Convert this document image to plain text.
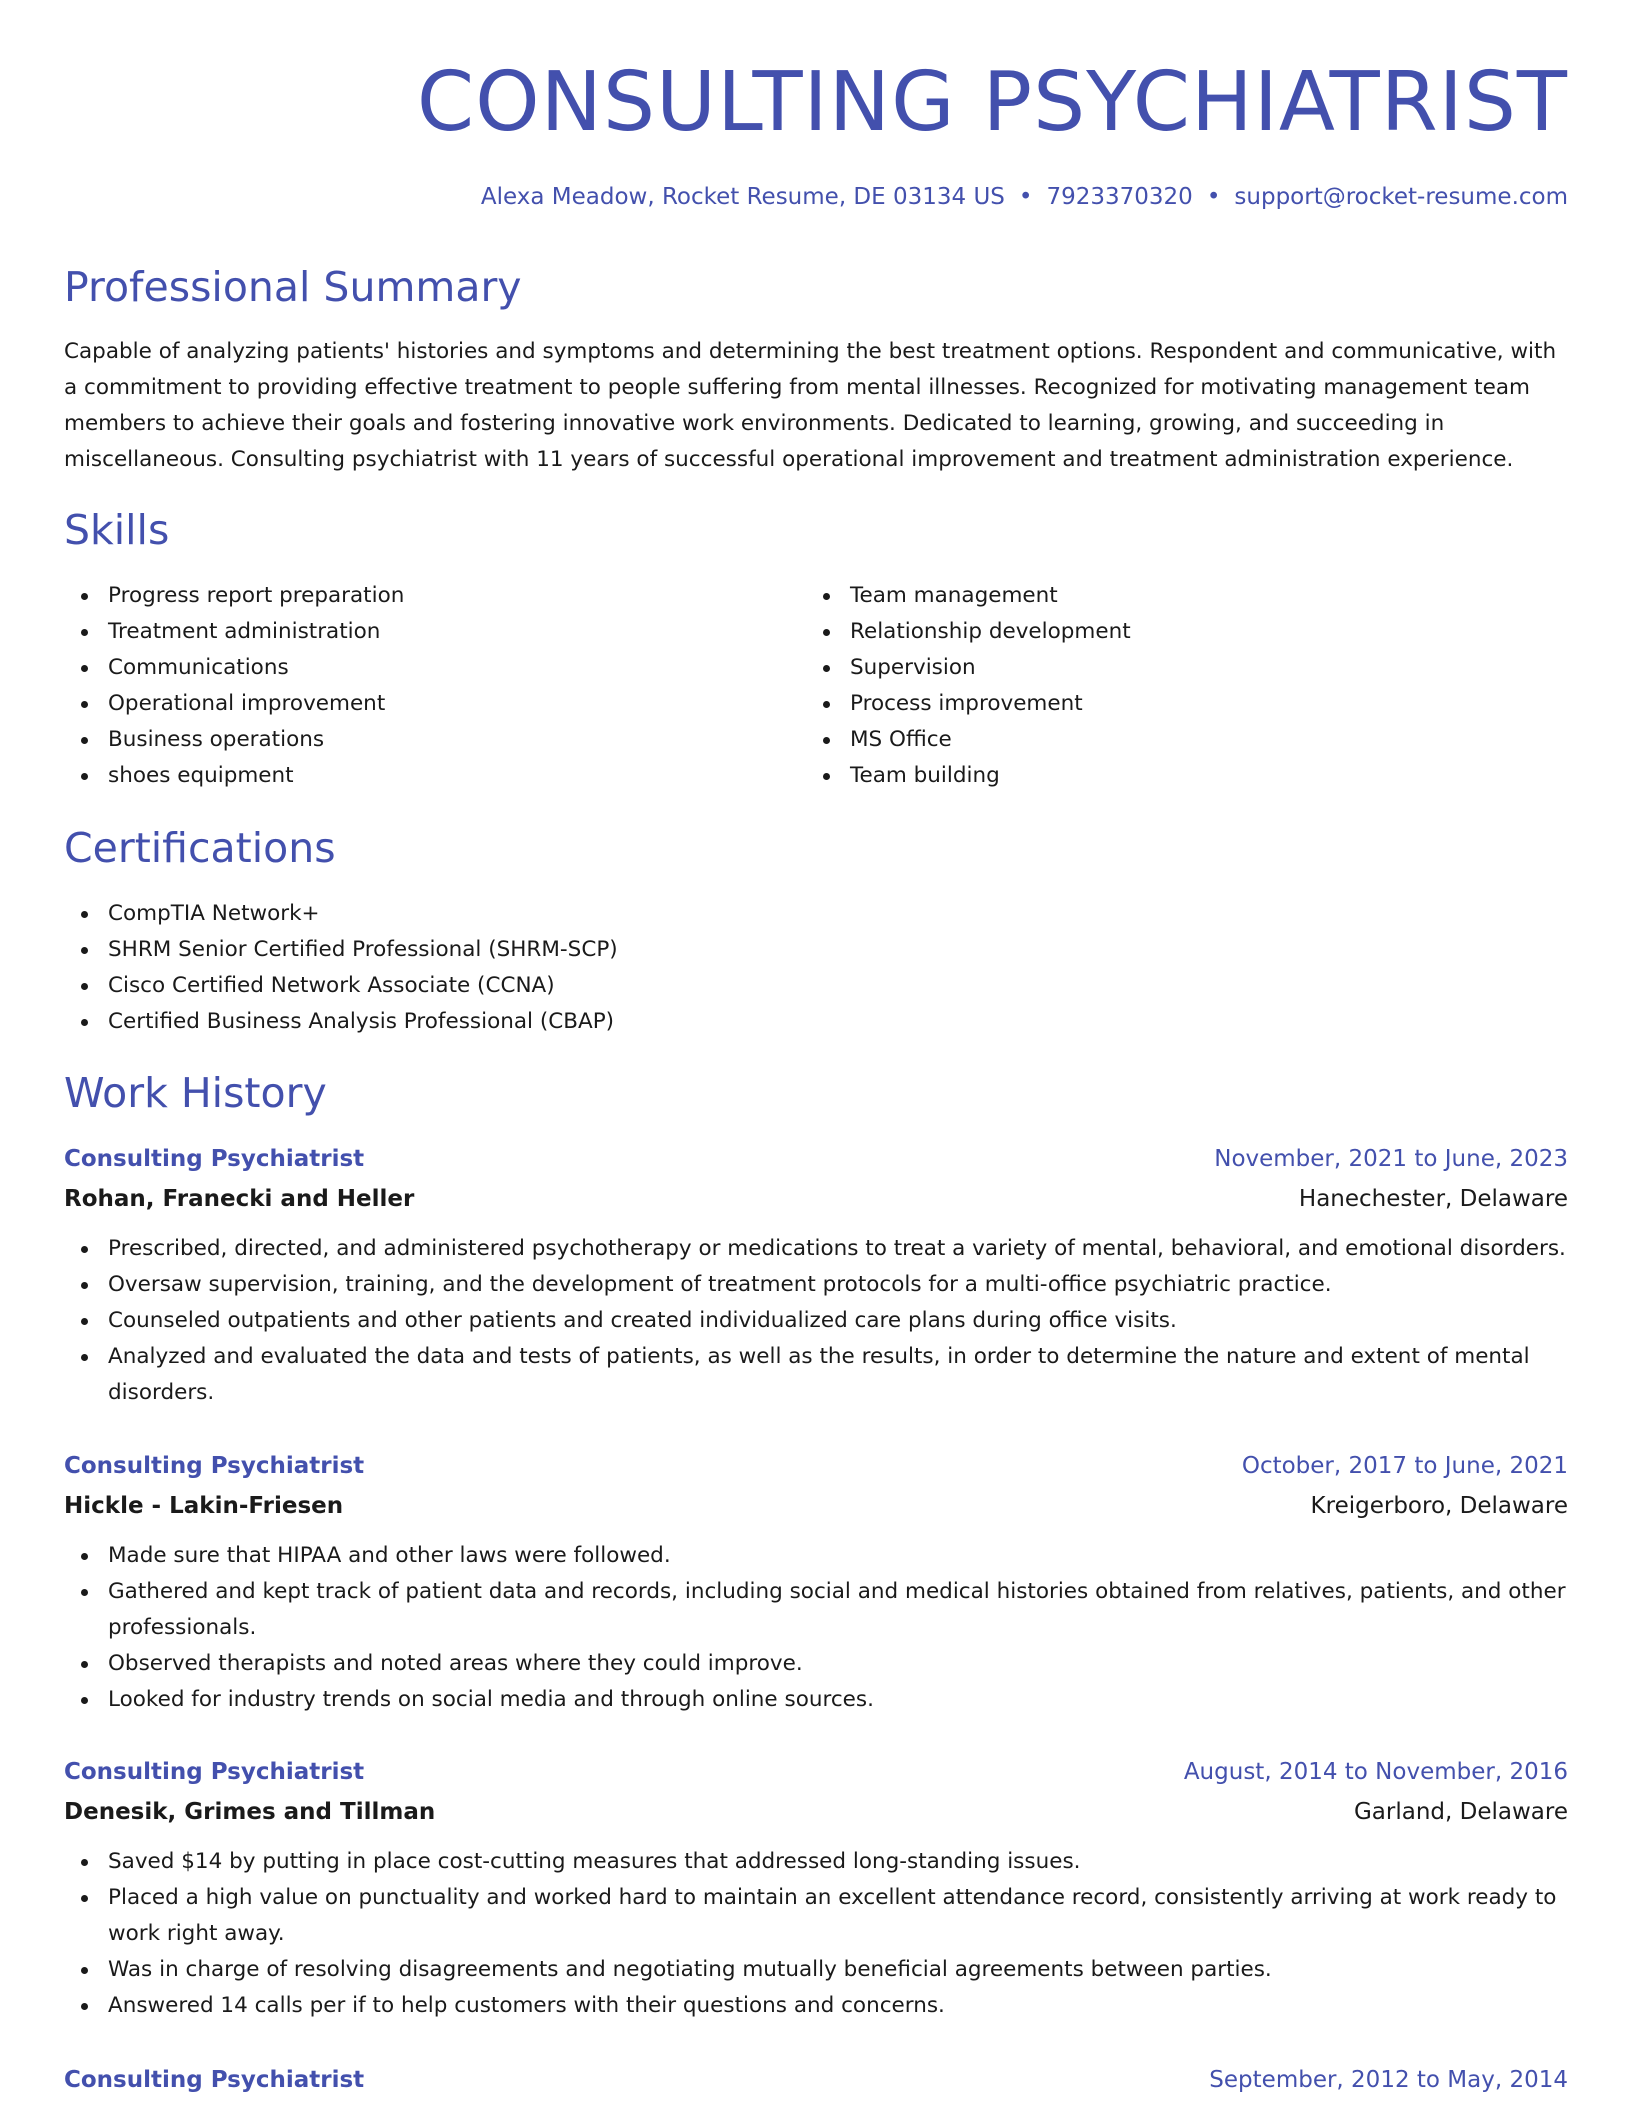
CONSULTING PSYCHIATRIST
Alexa Meadow, Rocket Resume, DE 03134 US • 7923370320 • support@rocket-resume.com
Professional Summary

Capable of analyzing patients' histories and symptoms and determining the best treatment options. Respondent and communicative, with a commitment to providing effective treatment to people suffering from mental illnesses. Recognized for motivating management team members to achieve their goals and fostering innovative work environments. Dedicated to learning, growing, and succeeding in miscellaneous. Consulting psychiatrist with 11 years of successful operational improvement and treatment administration experience.

Skills
Progress report preparation
Treatment administration
Communications
Operational improvement
Business operations
shoes equipment
Team management
Relationship development
Supervision
Process improvement
MS Office
Team building
Certifications
CompTIA Network+
SHRM Senior Certified Professional (SHRM-SCP)
Cisco Certified Network Associate (CCNA)
Certified Business Analysis Professional (CBAP)
Work History
Consulting Psychiatrist	November, 2021 to June, 2023
Rohan, Franecki and Heller	Hanechester, Delaware
Prescribed, directed, and administered psychotherapy or medications to treat a variety of mental, behavioral, and emotional disorders.
Oversaw supervision, training, and the development of treatment protocols for a multi-office psychiatric practice.
Counseled outpatients and other patients and created individualized care plans during office visits.
Analyzed and evaluated the data and tests of patients, as well as the results, in order to determine the nature and extent of mental disorders.
Consulting Psychiatrist	October, 2017 to June, 2021
Hickle - Lakin-Friesen	Kreigerboro, Delaware
Made sure that HIPAA and other laws were followed.
Gathered and kept track of patient data and records, including social and medical histories obtained from relatives, patients, and other professionals.
Observed therapists and noted areas where they could improve.
Looked for industry trends on social media and through online sources.
Consulting Psychiatrist	August, 2014 to November, 2016
Denesik, Grimes and Tillman	Garland, Delaware
Saved $14 by putting in place cost-cutting measures that addressed long-standing issues.
Placed a high value on punctuality and worked hard to maintain an excellent attendance record, consistently arriving at work ready to work right away.
Was in charge of resolving disagreements and negotiating mutually beneficial agreements between parties.
Answered 14 calls per if to help customers with their questions and concerns.
Consulting Psychiatrist	September, 2012 to May, 2014
